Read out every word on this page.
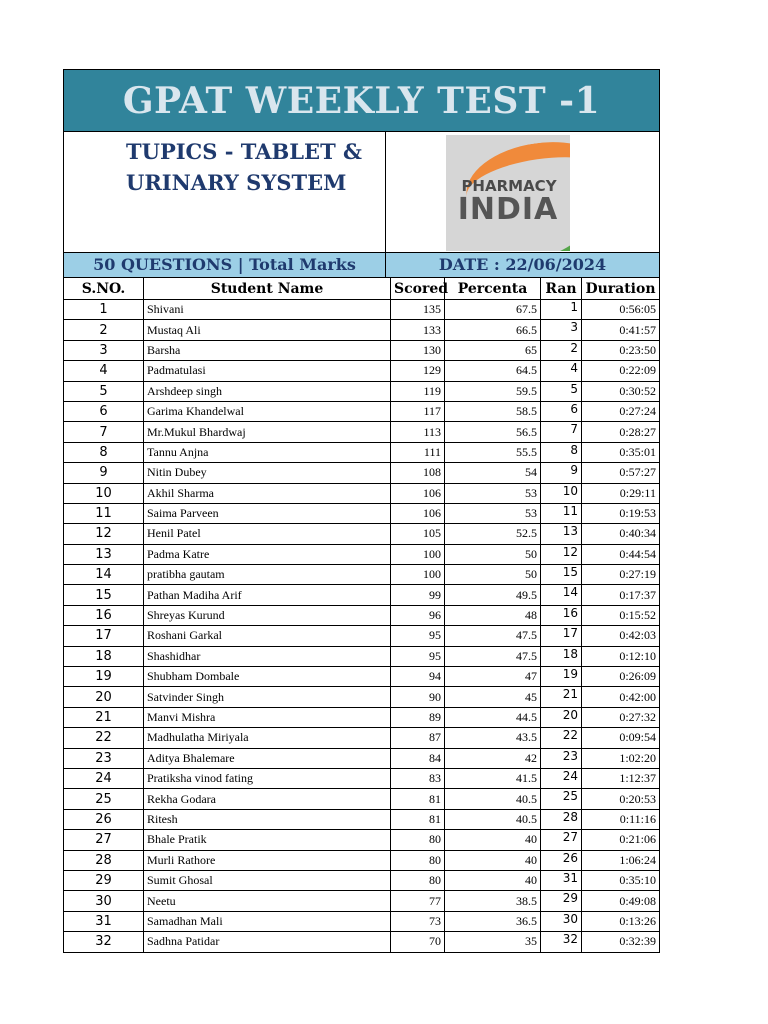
GPAT WEEKLY TEST -1
TUPICS - TABLET &
URINARY SYSTEM	PHARMACY
INDIA
50 QUESTIONS | Total Marks	DATE : 22/06/2024
S.NO.	Student Name	Scored	Percenta	Ran	Duration
1	Shivani	135	67.5	1	0:56:05
2	Mustaq Ali	133	66.5	3	0:41:57
3	Barsha	130	65	2	0:23:50
4	Padmatulasi	129	64.5	4	0:22:09
5	Arshdeep singh	119	59.5	5	0:30:52
6	Garima Khandelwal	117	58.5	6	0:27:24
7	Mr.Mukul Bhardwaj	113	56.5	7	0:28:27
8	Tannu Anjna	111	55.5	8	0:35:01
9	Nitin Dubey	108	54	9	0:57:27
10	Akhil Sharma	106	53	10	0:29:11
11	Saima Parveen	106	53	11	0:19:53
12	Henil Patel	105	52.5	13	0:40:34
13	Padma Katre	100	50	12	0:44:54
14	pratibha gautam	100	50	15	0:27:19
15	Pathan Madiha Arif	99	49.5	14	0:17:37
16	Shreyas Kurund	96	48	16	0:15:52
17	Roshani Garkal	95	47.5	17	0:42:03
18	Shashidhar	95	47.5	18	0:12:10
19	Shubham Dombale	94	47	19	0:26:09
20	Satvinder Singh	90	45	21	0:42:00
21	Manvi Mishra	89	44.5	20	0:27:32
22	Madhulatha Miriyala	87	43.5	22	0:09:54
23	Aditya Bhalemare	84	42	23	1:02:20
24	Pratiksha vinod fating	83	41.5	24	1:12:37
25	Rekha Godara	81	40.5	25	0:20:53
26	Ritesh	81	40.5	28	0:11:16
27	Bhale Pratik	80	40	27	0:21:06
28	Murli Rathore	80	40	26	1:06:24
29	Sumit Ghosal	80	40	31	0:35:10
30	Neetu	77	38.5	29	0:49:08
31	Samadhan Mali	73	36.5	30	0:13:26
32	Sadhna Patidar	70	35	32	0:32:39
